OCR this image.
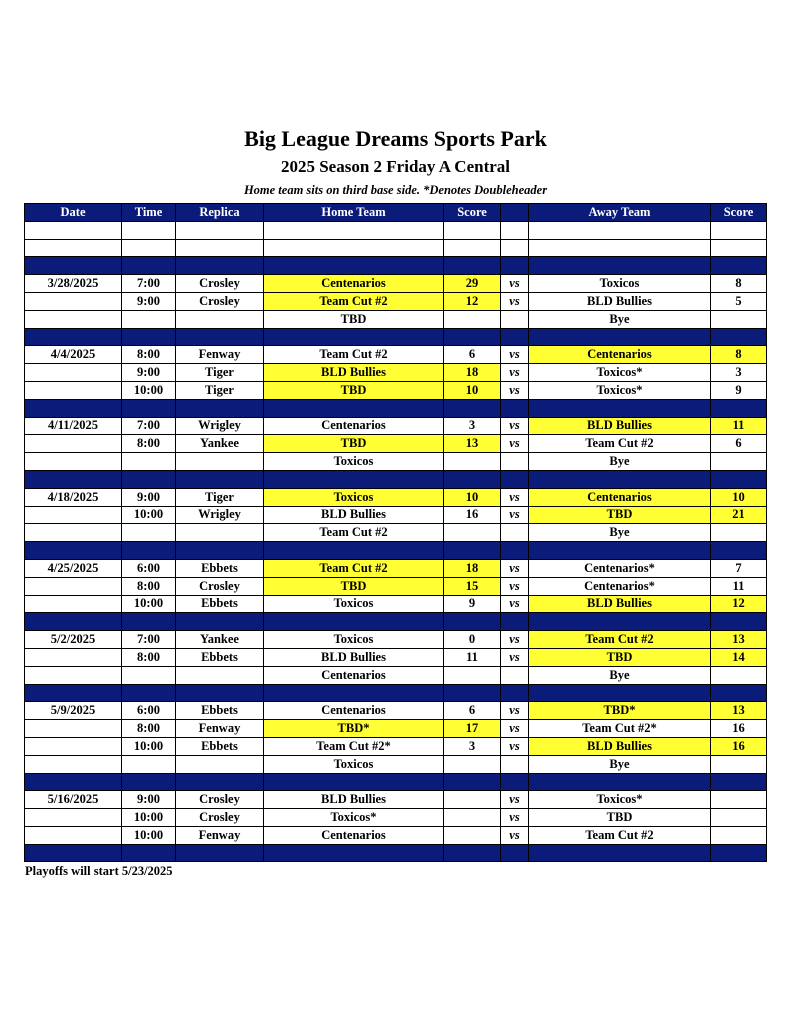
Big League Dreams Sports Park
2025 Season 2 Friday A Central
Home team sits on third base side. *Denotes Doubleheader
Date	Time	Replica	Home Team	Score		Away Team	Score

3/28/2025	7:00	Crosley	Centenarios	29	vs	Toxicos	8
	9:00	Crosley	Team Cut #2	12	vs	BLD Bullies	5
			TBD			Bye	

4/4/2025	8:00	Fenway	Team Cut #2	6	vs	Centenarios	8
	9:00	Tiger	BLD Bullies	18	vs	Toxicos*	3
	10:00	Tiger	TBD	10	vs	Toxicos*	9

4/11/2025	7:00	Wrigley	Centenarios	3	vs	BLD Bullies	11
	8:00	Yankee	TBD	13	vs	Team Cut #2	6
			Toxicos			Bye	

4/18/2025	9:00	Tiger	Toxicos	10	vs	Centenarios	10
	10:00	Wrigley	BLD Bullies	16	vs	TBD	21
			Team Cut #2			Bye	

4/25/2025	6:00	Ebbets	Team Cut #2	18	vs	Centenarios*	7
	8:00	Crosley	TBD	15	vs	Centenarios*	11
	10:00	Ebbets	Toxicos	9	vs	BLD Bullies	12

5/2/2025	7:00	Yankee	Toxicos	0	vs	Team Cut #2	13
	8:00	Ebbets	BLD Bullies	11	vs	TBD	14
			Centenarios			Bye	

5/9/2025	6:00	Ebbets	Centenarios	6	vs	TBD*	13
	8:00	Fenway	TBD*	17	vs	Team Cut #2*	16
	10:00	Ebbets	Team Cut #2*	3	vs	BLD Bullies	16
			Toxicos			Bye	

5/16/2025	9:00	Crosley	BLD Bullies		vs	Toxicos*	
	10:00	Crosley	Toxicos*		vs	TBD	
	10:00	Fenway	Centenarios		vs	Team Cut #2	

Playoffs will start 5/23/2025
